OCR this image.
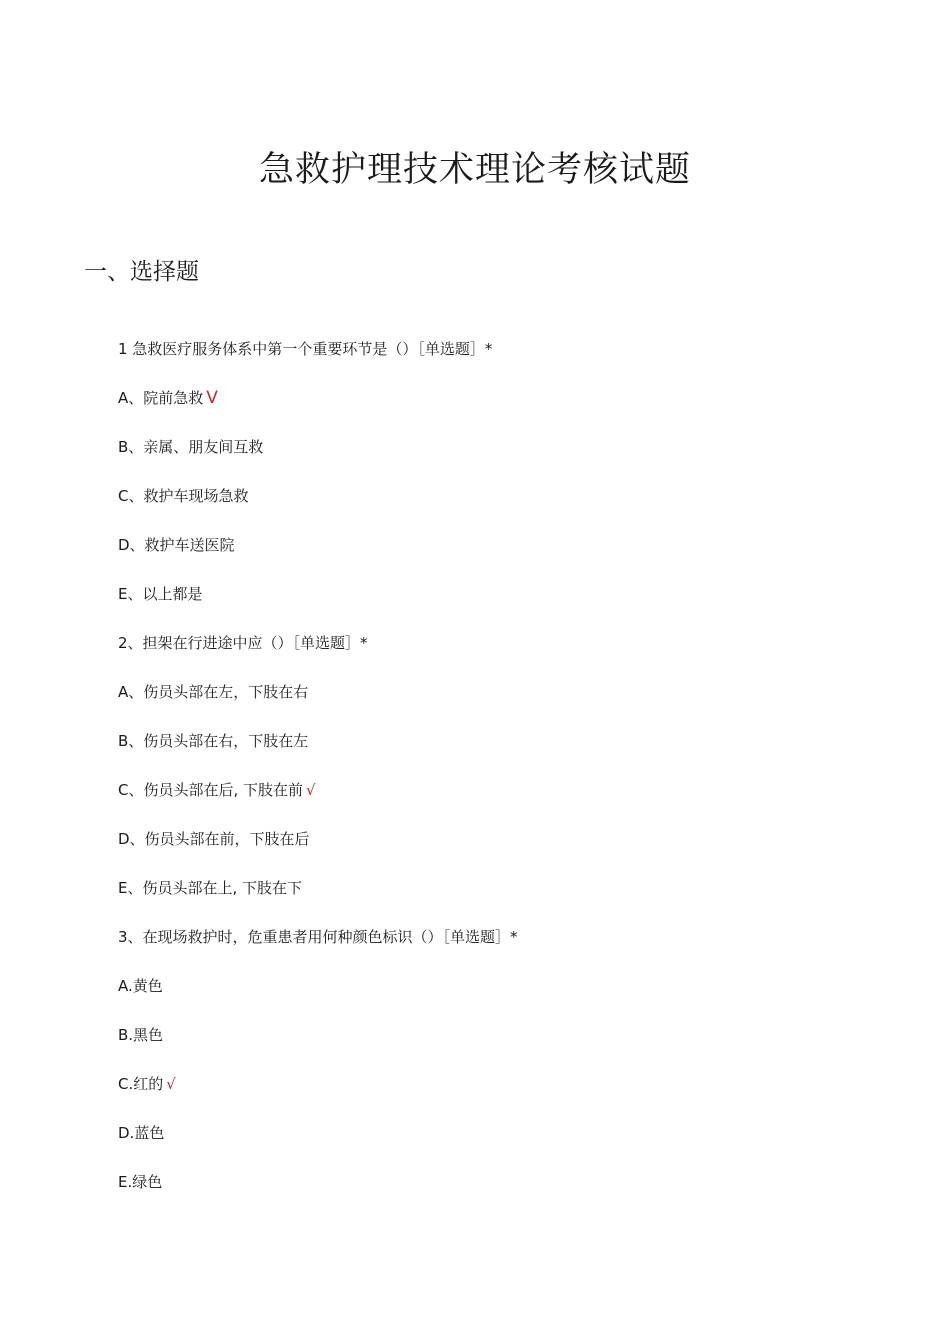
急救护理技术理论考核试题
一、选择题
1 急救医疗服务体系中第一个重要环节是（）［单选题］*
A、院前急救 V
B、亲属、朋友间互救
C、救护车现场急救
D、救护车送医院
E、以上都是
2、担架在行进途中应（）［单选题］*
A、伤员头部在左，下肢在右
B、伤员头部在右，下肢在左
C、伤员头部在后, 下肢在前 √
D、伤员头部在前，下肢在后
E、伤员头部在上, 下肢在下
3、在现场救护时，危重患者用何种颜色标识（）［单选题］*
A.黄色
B.黑色
C.红的 √
D.蓝色
E.绿色
